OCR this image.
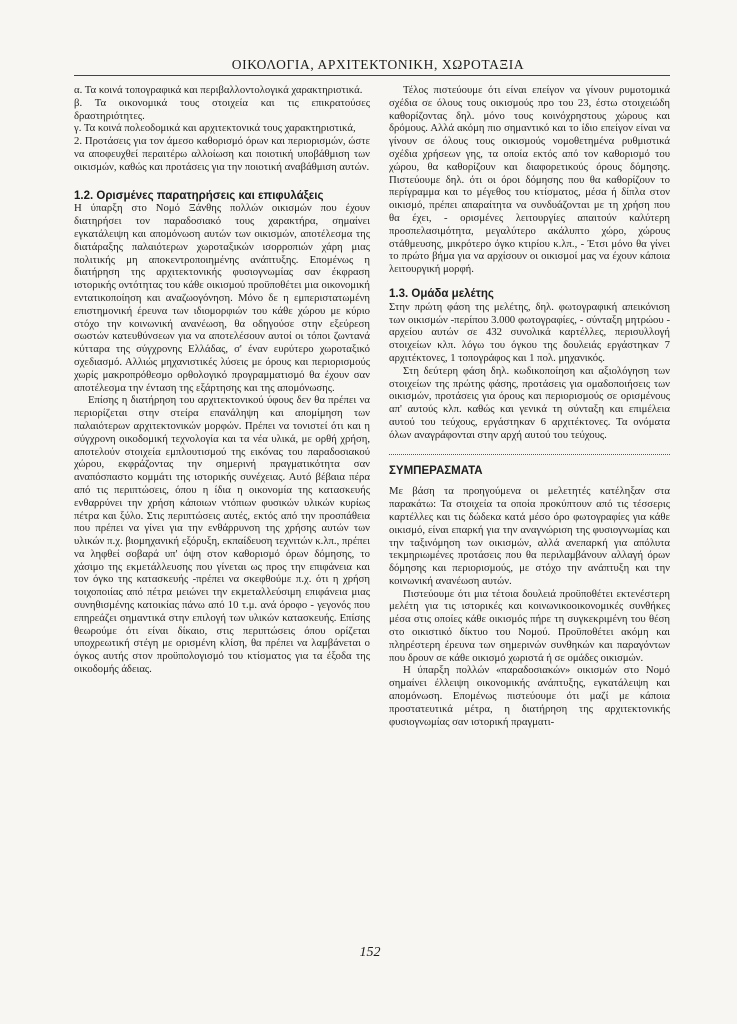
ΟΙΚΟΛΟΓΙΑ, ΑΡΧΙΤΕΚΤΟΝΙΚΗ, ΧΩΡΟΤΑΞΙΑ

α. Τα κοινά τοπογραφικά και περιβαλλοντολογικά χαρακτηριστικά.

β. Τα οικονομικά τους στοιχεία και τις επικρατούσες δραστηριότητες.

γ. Τα κοινά πολεοδομικά και αρχιτεκτονικά τους χαρακτηριστικά,

2. Προτάσεις για τον άμεσο καθορισμό όρων και περιορισμών, ώστε να αποφευχθεί περαιτέρω αλλοίωση και ποιοτική υποβάθμιση των οικισμών, καθώς και προτάσεις για την ποιοτική αναβάθμιση αυτών.

1.2. Ορισμένες παρατηρήσεις και επιφυλάξεις

Η ύπαρξη στο Νομό Ξάνθης πολλών οικισμών που έχουν διατηρήσει τον παραδοσιακό τους χαρακτήρα, σημαίνει εγκατάλειψη και απομόνωση αυτών των οικισμών, αποτέλεσμα της διατάραξης παλαιότερων χωροταξικών ισορροπιών χάρη μιας πολιτικής μη αποκεντροποιημένης ανάπτυξης. Επομένως η διατήρηση της αρχιτεκτονικής φυσιογνωμίας σαν έκφραση ιστορικής οντότητας του κάθε οικισμού προϋποθέτει μια οικονομική εντατικοποίηση και αναζωογόνηση. Μόνο δε η εμπεριστατωμένη επιστημονική έρευνα των ιδιομορφιών του κάθε χώρου με κύριο στόχο την κοινωνική ανανέωση, θα οδηγούσε στην εξεύρεση σωστών κατευθύνσεων για να αποτελέσουν αυτοί οι τόποι ζωντανά κύτταρα της σύγχρονης Ελλάδας, σ' έναν ευρύτερο χωροταξικό σχεδιασμό. Αλλιώς μηχανιστικές λύσεις με όρους και περιορισμούς χωρίς μακροπρόθεσμο ορθολογικό προγραμματισμό θα έχουν σαν αποτέλεσμα την ένταση της εξάρτησης και της απομόνωσης.

Επίσης η διατήρηση του αρχιτεκτονικού ύφους δεν θα πρέπει να περιορίζεται στην στείρα επανάληψη και απομίμηση των παλαιότερων αρχιτεκτονικών μορφών. Πρέπει να τονιστεί ότι και η σύγχρονη οικοδομική τεχνολογία και τα νέα υλικά, με ορθή χρήση, αποτελούν στοιχεία εμπλουτισμού της εικόνας του παραδοσιακού χώρου, εκφράζοντας την σημερινή πραγματικότητα σαν αναπόσπαστο κομμάτι της ιστορικής συνέχειας. Αυτό βέβαια πέρα από τις περιπτώσεις, όπου η ίδια η οικονομία της κατασκευής ενθαρρύνει την χρήση κάποιων ντόπιων φυσικών υλικών κυρίως πέτρα και ξύλο. Στις περιπτώσεις αυτές, εκτός από την προσπάθεια που πρέπει να γίνει για την ενθάρρυνση της χρήσης αυτών των υλικών π.χ. βιομηχανική εξόρυξη, εκπαίδευση τεχνιτών κ.λπ., πρέπει να ληφθεί σοβαρά υπ' όψη στον καθορισμό όρων δόμησης, το χάσιμο της εκμετάλλευσης που γίνεται ως προς την επιφάνεια και τον όγκο της κατασκευής -πρέπει να σκεφθούμε π.χ. ότι η χρήση τοιχοποιίας από πέτρα μειώνει την εκμεταλλεύσιμη επιφάνεια μιας συνηθισμένης κατοικίας πάνω από 10 τ.μ. ανά όροφο - γεγονός που επηρεάζει σημαντικά στην επιλογή των υλικών κατασκευής. Επίσης θεωρούμε ότι είναι δίκαιο, στις περιπτώσεις όπου ορίζεται υποχρεωτική στέγη με ορισμένη κλίση, θα πρέπει να λαμβάνεται ο όγκος αυτής στον προϋπολογισμό του κτίσματος για τα έξοδα της οικοδομής άδειας.

Τέλος πιστεύουμε ότι είναι επείγον να γίνουν ρυμοτομικά σχέδια σε όλους τους οικισμούς προ του 23, έστω στοιχειώδη καθορίζοντας δηλ. μόνο τους κοινόχρηστους χώρους και δρόμους. Αλλά ακόμη πιο σημαντικό και το ίδιο επείγον είναι να γίνουν σε όλους τους οικισμούς νομοθετημένα ρυθμιστικά σχέδια χρήσεων γης, τα οποία εκτός από τον καθορισμό του χώρου, θα καθορίζουν και διαφορετικούς όρους δόμησης. Πιστεύουμε δηλ. ότι οι όροι δόμησης που θα καθορίζουν το περίγραμμα και το μέγεθος του κτίσματος, μέσα ή δίπλα στον οικισμό, πρέπει απαραίτητα να συνδυάζονται με τη χρήση που θα έχει, - ορισμένες λειτουργίες απαιτούν καλύτερη προσπελασιμότητα, μεγαλύτερο ακάλυπτο χώρο, χώρους στάθμευσης, μικρότερο όγκο κτιρίου κ.λπ., - Έτσι μόνο θα γίνει το πρώτο βήμα για να αρχίσουν οι οικισμοί μας να έχουν κάποια λειτουργική μορφή.

1.3. Ομάδα μελέτης

Στην πρώτη φάση της μελέτης, δηλ. φωτογραφική απεικόνιση των οικισμών -περίπου 3.000 φωτογραφίες, - σύνταξη μητρώου - αρχείου αυτών σε 432 συνολικά καρτέλλες, περισυλλογή στοιχείων κλπ. λόγω του όγκου της δουλειάς εργάστηκαν 7 αρχιτέκτονες, 1 τοπογράφος και 1 πολ. μηχανικός.

Στη δεύτερη φάση δηλ. κωδικοποίηση και αξιολόγηση των στοιχείων της πρώτης φάσης, προτάσεις για ομαδοποιήσεις των οικισμών, προτάσεις για όρους και περιορισμούς σε ορισμένους απ' αυτούς κλπ. καθώς και γενικά τη σύνταξη και επιμέλεια αυτού του τεύχους, εργάστηκαν 6 αρχιτέκτονες. Τα ονόματα όλων αναγράφονται στην αρχή αυτού του τεύχους.

ΣΥΜΠΕΡΑΣΜΑΤΑ

Με βάση τα προηγούμενα οι μελετητές κατέληξαν στα παρακάτω: Τα στοιχεία τα οποία προκύπτουν από τις τέσσερις καρτέλλες και τις δώδεκα κατά μέσο όρο φωτογραφίες για κάθε οικισμό, είναι επαρκή για την αναγνώριση της φυσιογνωμίας και την ταξινόμηση των οικισμών, αλλά ανεπαρκή για απόλυτα τεκμηριωμένες προτάσεις που θα περιλαμβάνουν αλλαγή όρων δόμησης και περιορισμούς, με στόχο την ανάπτυξη και την κοινωνική ανανέωση αυτών.

Πιστεύουμε ότι μια τέτοια δουλειά προϋποθέτει εκτενέστερη μελέτη για τις ιστορικές και κοινωνικοοικονομικές συνθήκες μέσα στις οποίες κάθε οικισμός πήρε τη συγκεκριμένη του θέση στο οικιστικό δίκτυο του Νομού. Προϋποθέτει ακόμη και πληρέστερη έρευνα των σημερινών συνθηκών και παραγόντων που δρουν σε κάθε οικισμό χωριστά ή σε ομάδες οικισμών.

Η ύπαρξη πολλών «παραδοσιακών» οικισμών στο Νομό σημαίνει έλλειψη οικονομικής ανάπτυξης, εγκατάλειψη και απομόνωση. Επομένως πιστεύουμε ότι μαζί με κάποια προστατευτικά μέτρα, η διατήρηση της αρχιτεκτονικής φυσιογνωμίας σαν ιστορική πραγματι-

152
